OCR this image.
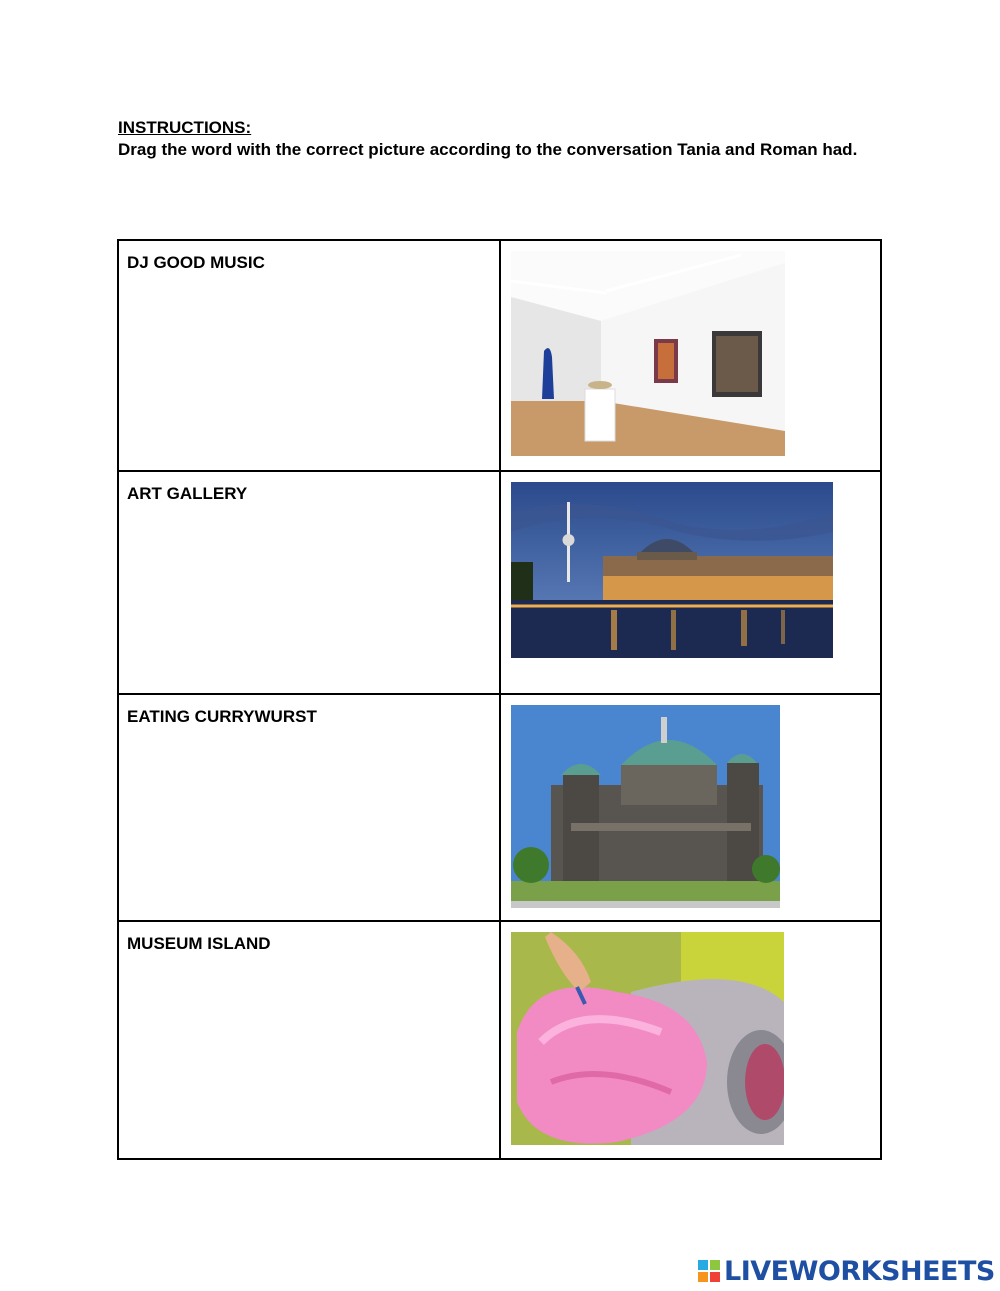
INSTRUCTIONS:
Drag the word with the correct picture according to the conversation Tania and Roman had.
DJ GOOD MUSIC

ART GALLERY

EATING CURRYWURST

MUSEUM ISLAND

LIVEWORKSHEETS
